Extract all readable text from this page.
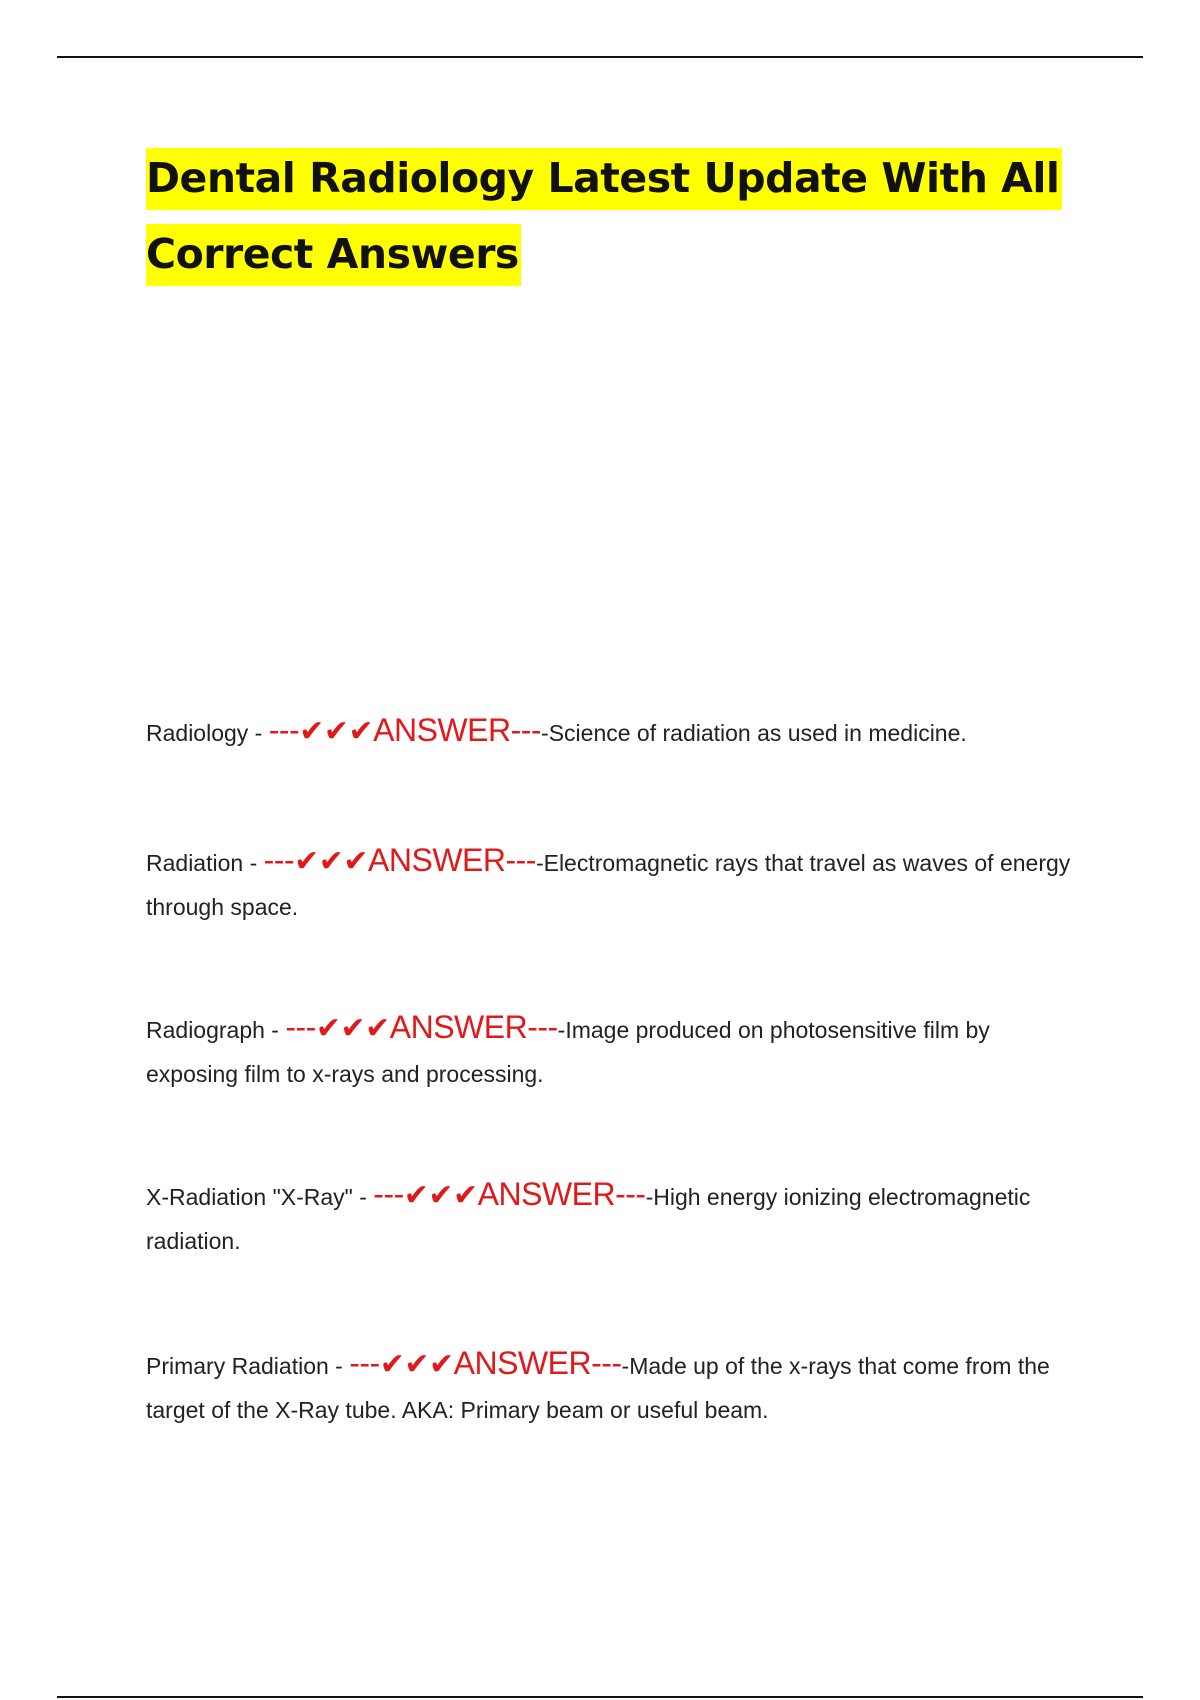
Dental Radiology Latest Update With All
Correct Answers

Radiology - ---✔✔✔ANSWER----Science of radiation as used in medicine.

Radiation - ---✔✔✔ANSWER----Electromagnetic rays that travel as waves of energy through space.

Radiograph - ---✔✔✔ANSWER----Image produced on photosensitive film by exposing film to x-rays and processing.

X-Radiation "X-Ray" - ---✔✔✔ANSWER----High energy ionizing electromagnetic radiation.

Primary Radiation - ---✔✔✔ANSWER----Made up of the x-rays that come from the target of the X-Ray tube. AKA: Primary beam or useful beam.
